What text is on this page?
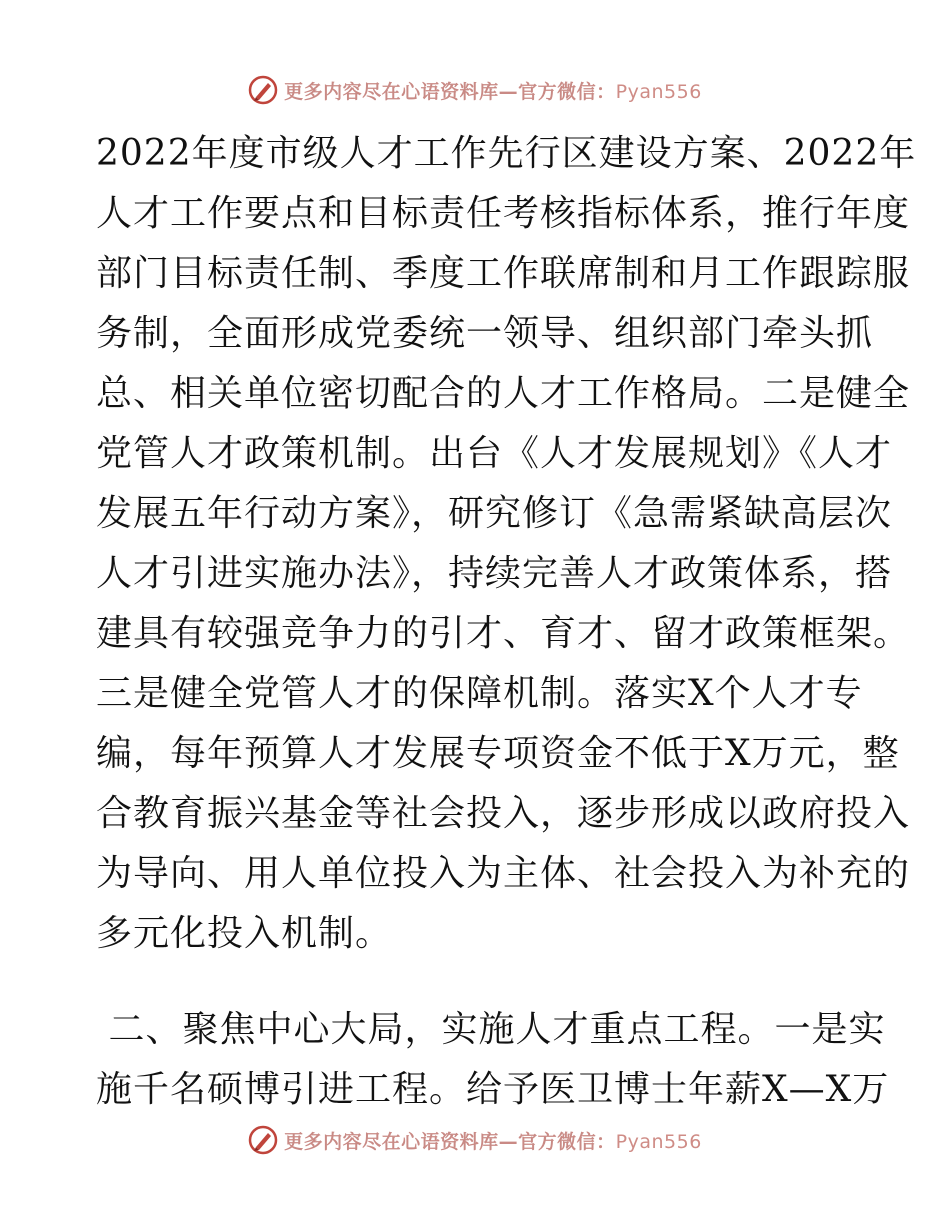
更多内容尽在心语资料库—官方微信：Pyan556
2022年度市级人才工作先行区建设方案、2022年
人才工作要点和目标责任考核指标体系，推行年度
部门目标责任制、季度工作联席制和月工作跟踪服
务制，全面形成党委统一领导、组织部门牵头抓
总、相关单位密切配合的人才工作格局。二是健全
党管人才政策机制。出台《人才发展规划》《人才
发展五年行动方案》，研究修订《急需紧缺高层次
人才引进实施办法》，持续完善人才政策体系，搭
建具有较强竞争力的引才、育才、留才政策框架。
三是健全党管人才的保障机制。落实X个人才专
编，每年预算人才发展专项资金不低于X万元，整
合教育振兴基金等社会投入，逐步形成以政府投入
为导向、用人单位投入为主体、社会投入为补充的
多元化投入机制。
二、聚焦中心大局，实施人才重点工程。一是实
施千名硕博引进工程。给予医卫博士年薪X—X万
更多内容尽在心语资料库—官方微信：Pyan556
